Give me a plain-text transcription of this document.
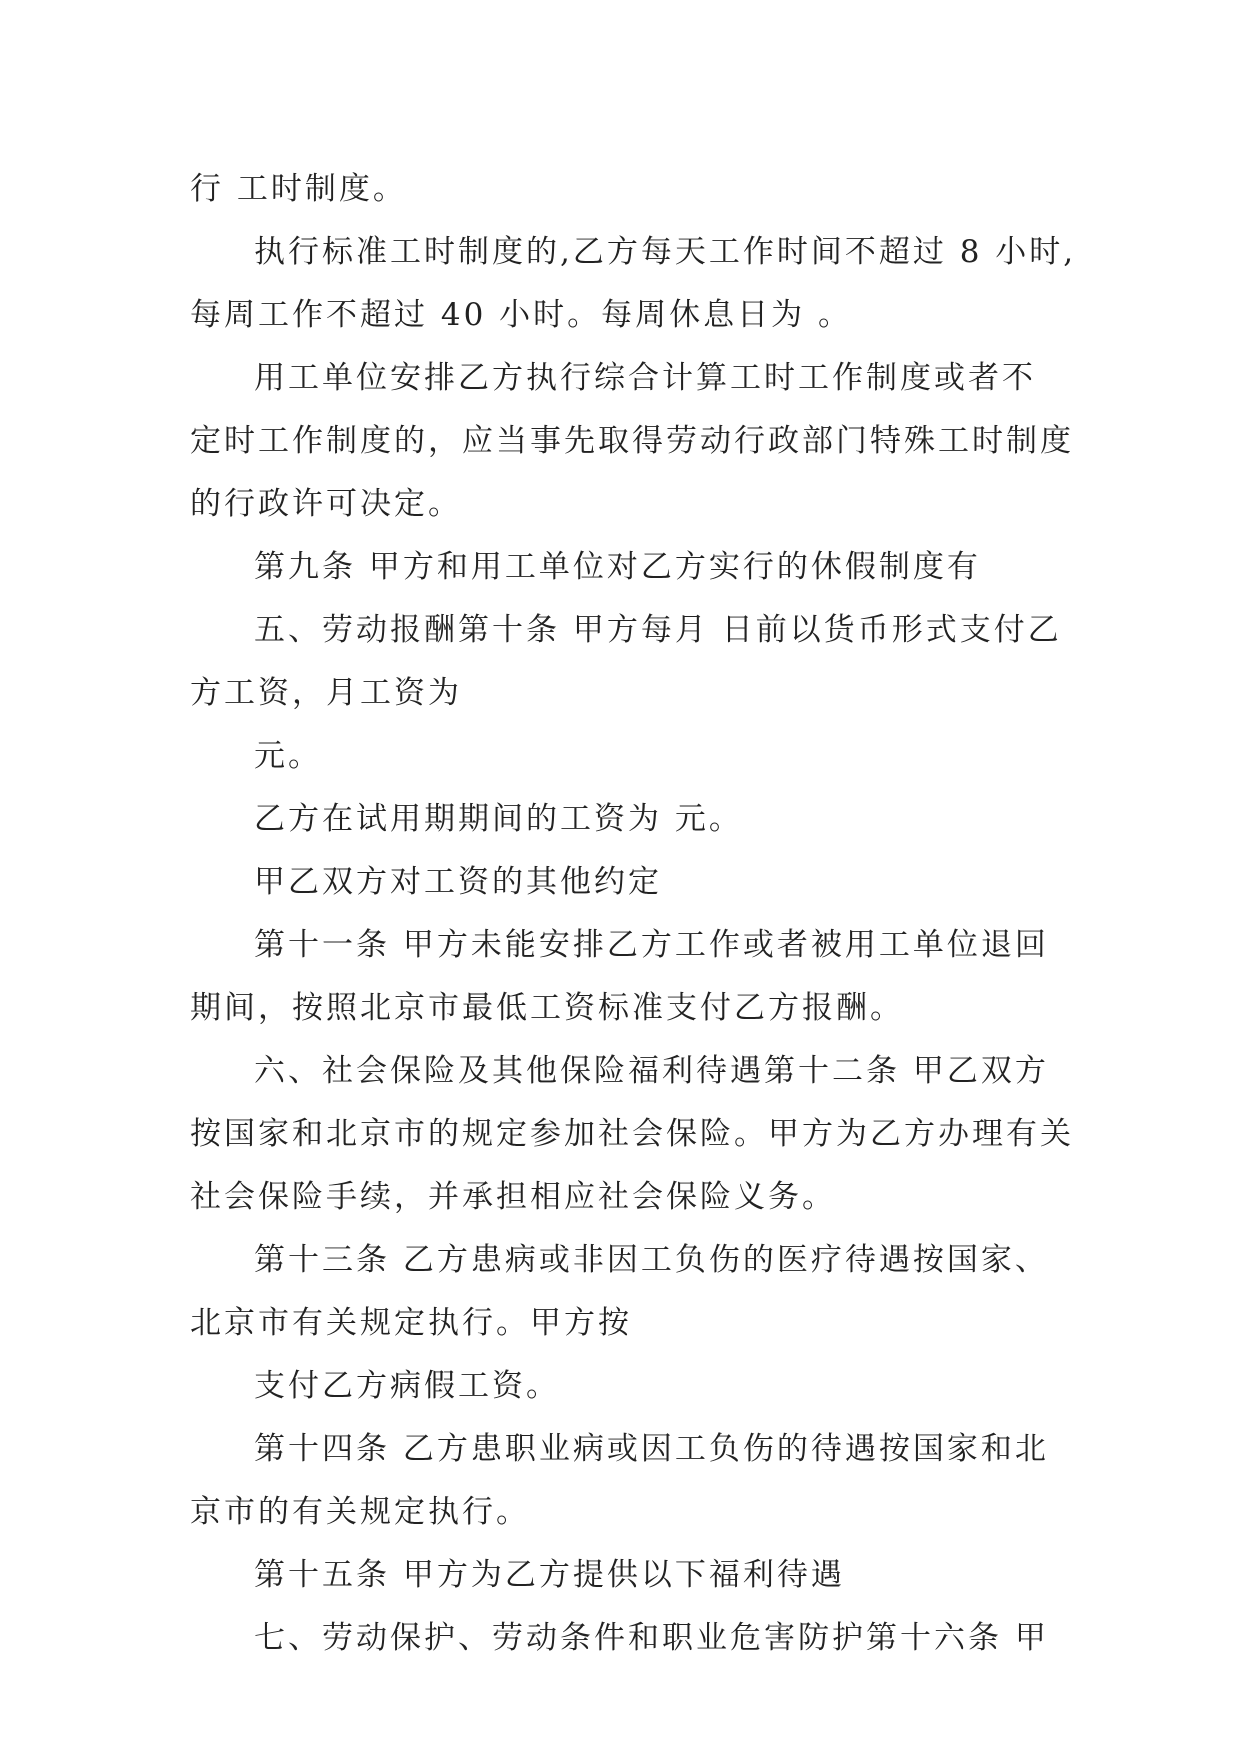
行 工时制度。
执行标准工时制度的,乙方每天工作时间不超过 8 小时,
每周工作不超过 40 小时。每周休息日为 。
用工单位安排乙方执行综合计算工时工作制度或者不
定时工作制度的，应当事先取得劳动行政部门特殊工时制度
的行政许可决定。
第九条 甲方和用工单位对乙方实行的休假制度有
五、劳动报酬第十条 甲方每月 日前以货币形式支付乙
方工资，月工资为
元。
乙方在试用期期间的工资为 元。
甲乙双方对工资的其他约定
第十一条 甲方未能安排乙方工作或者被用工单位退回
期间，按照北京市最低工资标准支付乙方报酬。
六、社会保险及其他保险福利待遇第十二条 甲乙双方
按国家和北京市的规定参加社会保险。甲方为乙方办理有关
社会保险手续，并承担相应社会保险义务。
第十三条 乙方患病或非因工负伤的医疗待遇按国家、
北京市有关规定执行。甲方按
支付乙方病假工资。
第十四条 乙方患职业病或因工负伤的待遇按国家和北
京市的有关规定执行。
第十五条 甲方为乙方提供以下福利待遇
七、劳动保护、劳动条件和职业危害防护第十六条 甲
